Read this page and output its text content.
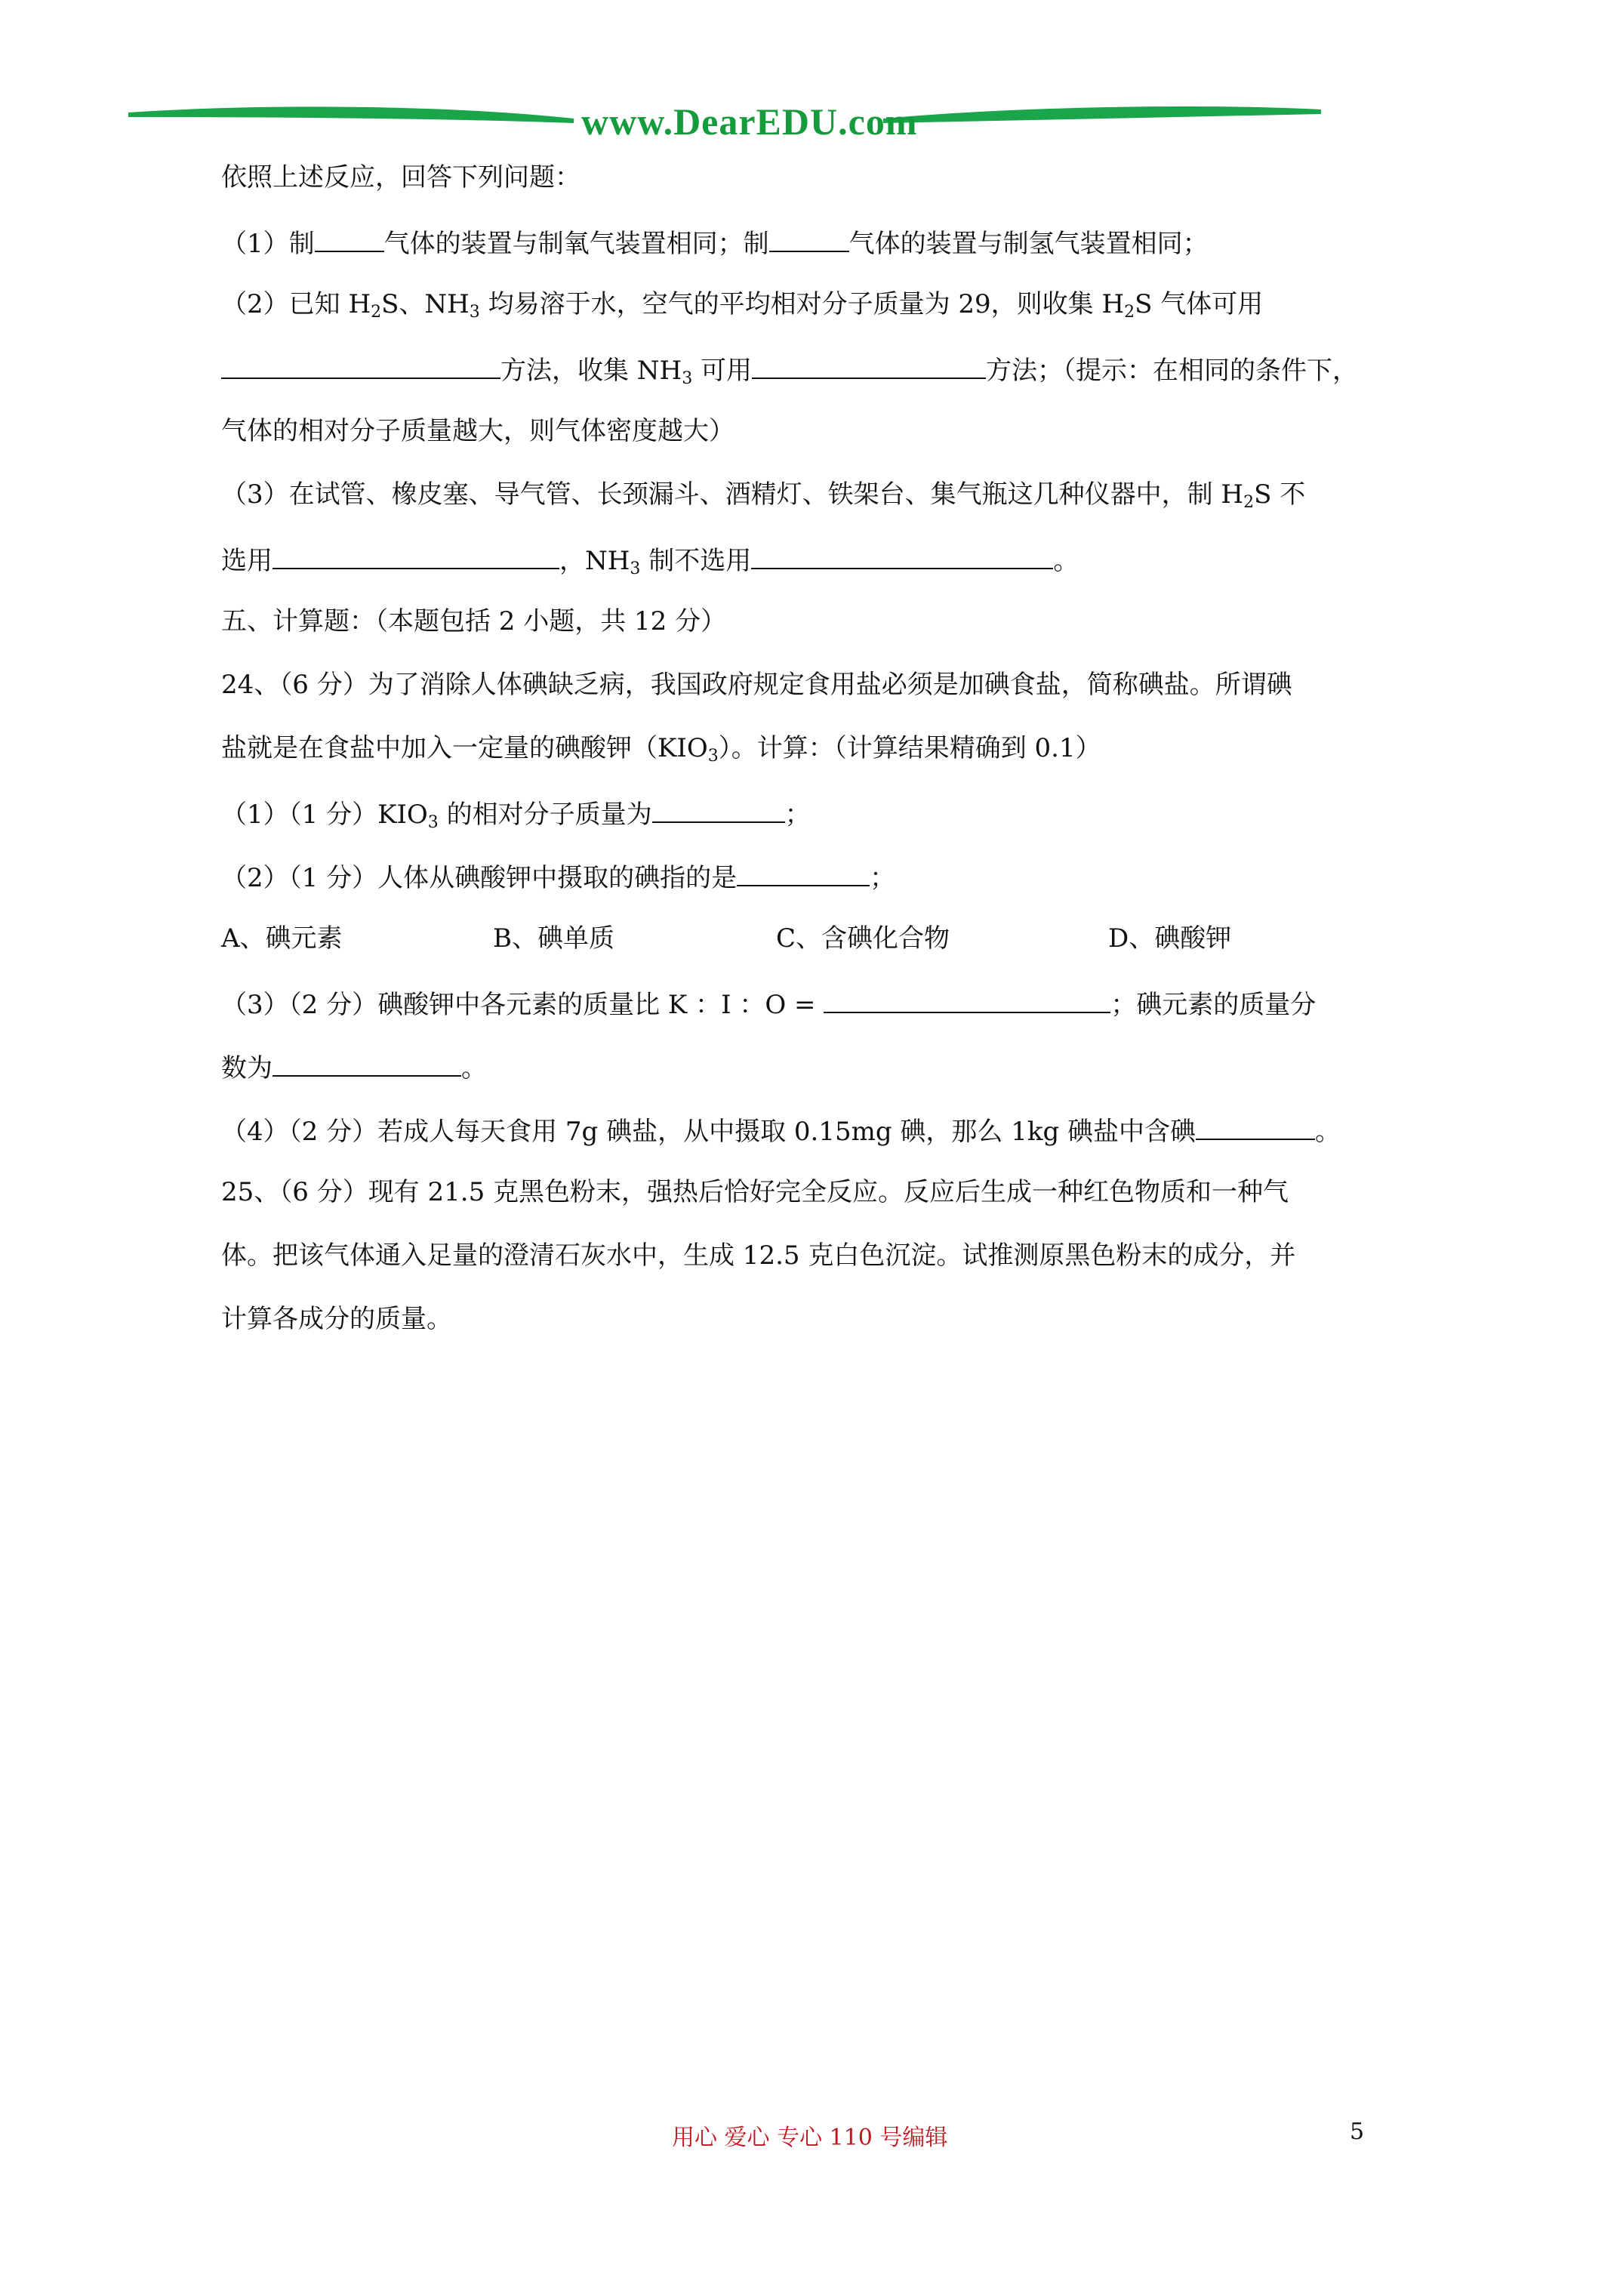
www.DearEDU.com
依照上述反应，回答下列问题：
（1）制	气体的装置与制氧气装置相同；制	气体的装置与制氢气装置相同；
（2）已知 $H_2S$、$NH_3$ 均易溶于水，空气的平均相对分子质量为 29，则收集 $H_2S$ 气体可用
方法，收集 $NH_3$ 可用	方法；（提示：在相同的条件下，
气体的相对分子质量越大，则气体密度越大）
（3）在试管、橡皮塞、导气管、长颈漏斗、酒精灯、铁架台、集气瓶这几种仪器中，制 $H_2S$ 不
选用	，$NH_3$ 制不选用	。
五、计算题：（本题包括 2 小题，共 12 分）
24、（6 分）为了消除人体碘缺乏病，我国政府规定食用盐必须是加碘食盐，简称碘盐。所谓碘
盐就是在食盐中加入一定量的碘酸钾$(KIO_3)$。计算：（计算结果精确到 0.1）
（1）（1 分）$KIO_3$ 的相对分子质量为	；
（2）（1 分）人体从碘酸钾中摄取的碘指的是	；
A、碘元素	B、碘单质	C、含碘化合物	D、碘酸钾
（3）（2 分）碘酸钾中各元素的质量比 K ：I ：O =	；碘元素的质量分
数为	。
（4）（2 分）若成人每天食用 7g 碘盐，从中摄取 0.15mg 碘，那么 1kg 碘盐中含碘	。
25、（6 分）现有 21.5 克黑色粉末，强热后恰好完全反应。反应后生成一种红色物质和一种气
体。把该气体通入足量的澄清石灰水中，生成 12.5 克白色沉淀。试推测原黑色粉末的成分，并
计算各成分的质量。
用心 爱心 专心 110 号编辑	5
